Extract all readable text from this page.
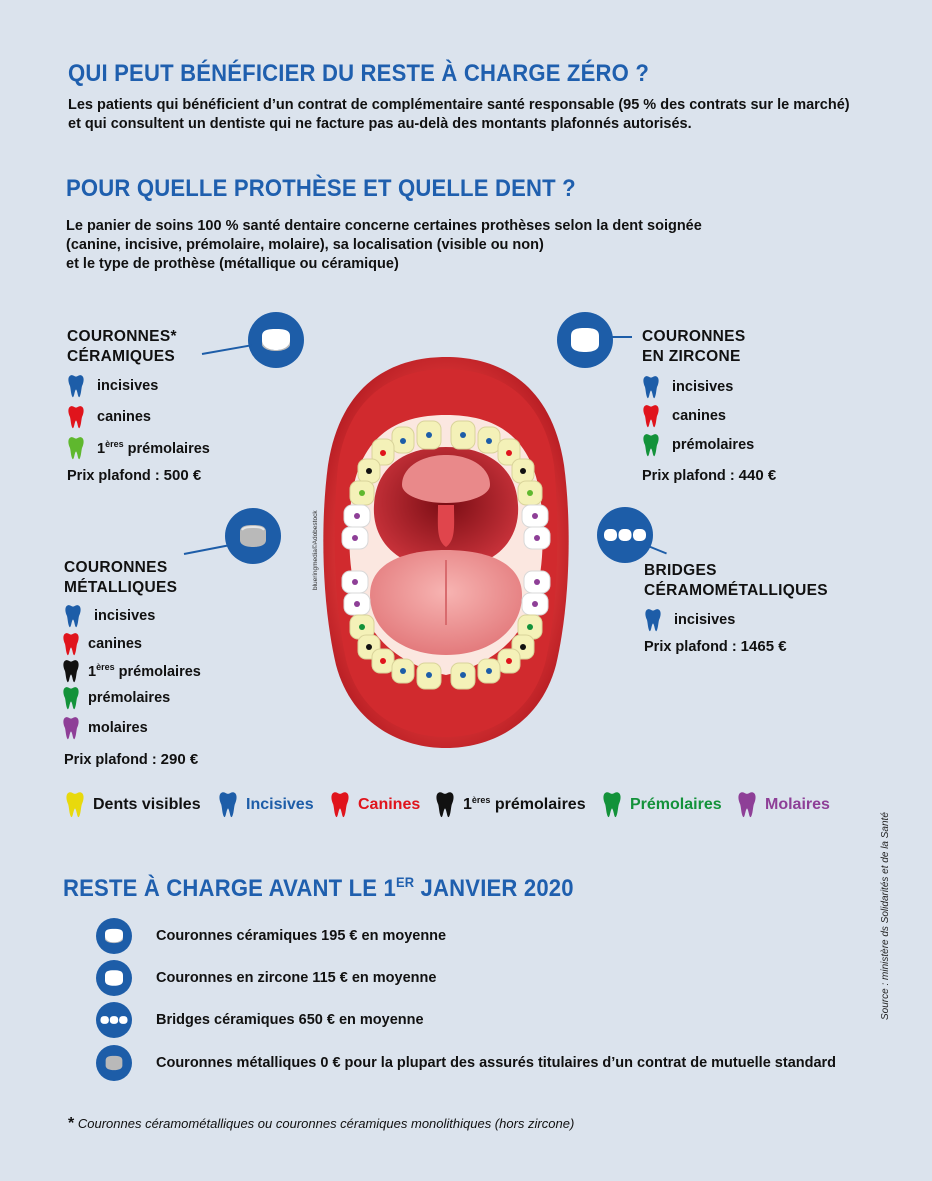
QUI PEUT BÉNÉFICIER DU RESTE À CHARGE ZÉRO ?
Les patients qui bénéficient d’un contrat de complémentaire santé responsable (95 % des contrats sur le marché)
et qui consultent un dentiste qui ne facture pas au-delà des montants plafonnés autorisés.
POUR QUELLE PROTHÈSE ET QUELLE DENT ?
Le panier de soins 100 % santé dentaire concerne certaines prothèses selon la dent soignée
(canine, incisive, prémolaire, molaire), sa localisation (visible ou non)
et le type de prothèse (métallique ou céramique)
blueringmedia©Adobestock
COURONNES*
CÉRAMIQUES
incisives
canines
1ères prémolaires
Prix plafond : 500 €
COURONNES
EN ZIRCONE
incisives
canines
prémolaires
Prix plafond : 440 €
COURONNES
MÉTALLIQUES
incisives
canines
1ères prémolaires
prémolaires
molaires
Prix plafond : 290 €
BRIDGES
CÉRAMOMÉTALLIQUES
incisives
Prix plafond : 1465 €
Dents visibles	Incisives	Canines	1ères prémolaires	Prémolaires	Molaires
RESTE À CHARGE AVANT LE 1ER JANVIER 2020
Couronnes céramiques 195 € en moyenne
Couronnes en zircone 115 € en moyenne
Bridges céramiques 650 € en moyenne
Couronnes métalliques 0 € pour la plupart des assurés titulaires d’un contrat de mutuelle standard
* Couronnes céramométalliques ou couronnes céramiques monolithiques (hors zircone)
Source : ministère ds Solidarités et de la Santé
